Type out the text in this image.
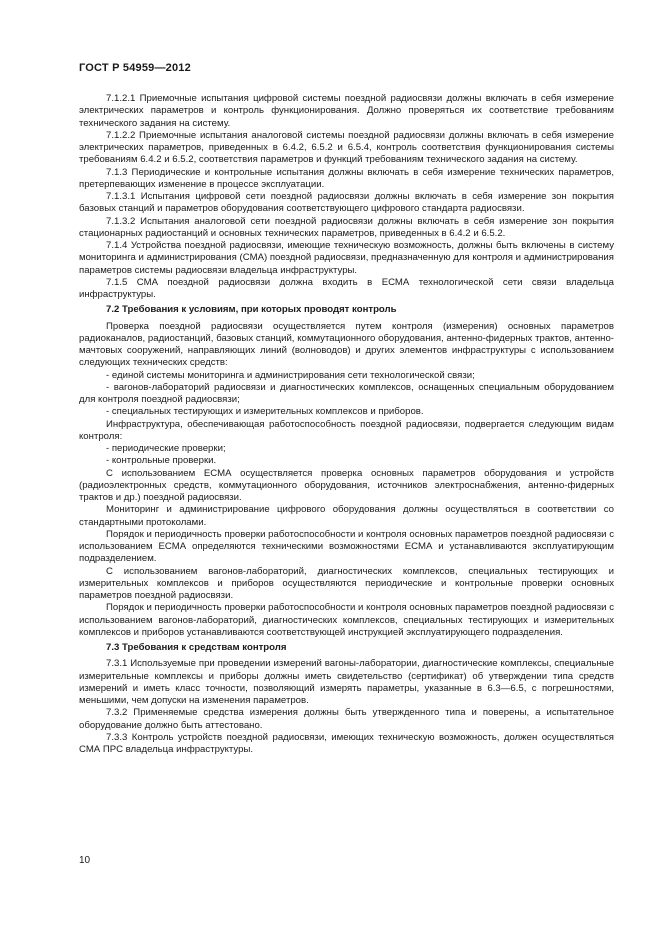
ГОСТ Р 54959—2012
7.1.2.1 Приемочные испытания цифровой системы поездной радиосвязи должны включать в себя измерение электрических параметров и контроль функционирования. Должно проверяться их соответствие требованиям технического задания на систему.
7.1.2.2 Приемочные испытания аналоговой системы поездной радиосвязи должны включать в себя измерение электрических параметров, приведенных в 6.4.2, 6.5.2 и 6.5.4, контроль соответствия функционирования системы требованиям 6.4.2 и 6.5.2, соответствия параметров и функций требованиям технического задания на систему.
7.1.3 Периодические и контрольные испытания должны включать в себя измерение технических параметров, претерпевающих изменение в процессе эксплуатации.
7.1.3.1 Испытания цифровой сети поездной радиосвязи должны включать в себя измерение зон покрытия базовых станций и параметров оборудования соответствующего цифрового стандарта радиосвязи.
7.1.3.2 Испытания аналоговой сети поездной радиосвязи должны включать в себя измерение зон покрытия стационарных радиостанций и основных технических параметров, приведенных в 6.4.2 и 6.5.2.
7.1.4 Устройства поездной радиосвязи, имеющие техническую возможность, должны быть включены в систему мониторинга и администрирования (СМА) поездной радиосвязи, предназначенную для контроля и администрирования параметров системы радиосвязи владельца инфраструктуры.
7.1.5 СМА поездной радиосвязи должна входить в ЕСМА технологической сети связи владельца инфраструктуры.
7.2 Требования к условиям, при которых проводят контроль
Проверка поездной радиосвязи осуществляется путем контроля (измерения) основных параметров радиоканалов, радиостанций, базовых станций, коммутационного оборудования, антенно-фидерных трактов, антенно-мачтовых сооружений, направляющих линий (волноводов) и других элементов инфраструктуры с использованием следующих технических средств:
- единой системы мониторинга и администрирования сети технологической связи;
- вагонов-лабораторий радиосвязи и диагностических комплексов, оснащенных специальным оборудованием для контроля поездной радиосвязи;
- специальных тестирующих и измерительных комплексов и приборов.
Инфраструктура, обеспечивающая работоспособность поездной радиосвязи, подвергается следующим видам контроля:
- периодические проверки;
- контрольные проверки.
С использованием ЕСМА осуществляется проверка основных параметров оборудования и устройств (радиоэлектронных средств, коммутационного оборудования, источников электроснабжения, антенно-фидерных трактов и др.) поездной радиосвязи.
Мониторинг и администрирование цифрового оборудования должны осуществляться в соответствии со стандартными протоколами.
Порядок и периодичность проверки работоспособности и контроля основных параметров поездной радиосвязи с использованием ЕСМА определяются техническими возможностями ЕСМА и устанавливаются эксплуатирующим подразделением.
С использованием вагонов-лабораторий, диагностических комплексов, специальных тестирующих и измерительных комплексов и приборов осуществляются периодические и контрольные проверки основных параметров поездной радиосвязи.
Порядок и периодичность проверки работоспособности и контроля основных параметров поездной радиосвязи с использованием вагонов-лабораторий, диагностических комплексов, специальных тестирующих и измерительных комплексов и приборов устанавливаются соответствующей инструкцией эксплуатирующего подразделения.
7.3 Требования к средствам контроля
7.3.1 Используемые при проведении измерений вагоны-лаборатории, диагностические комплексы, специальные измерительные комплексы и приборы должны иметь свидетельство (сертификат) об утверждении типа средств измерений и иметь класс точности, позволяющий измерять параметры, указанные в 6.3—6.5, с погрешностями, меньшими, чем допуски на изменения параметров.
7.3.2 Применяемые средства измерения должны быть утвержденного типа и поверены, а испытательное оборудование должно быть аттестовано.
7.3.3 Контроль устройств поездной радиосвязи, имеющих техническую возможность, должен осуществляться СМА ПРС владельца инфраструктуры.
10
